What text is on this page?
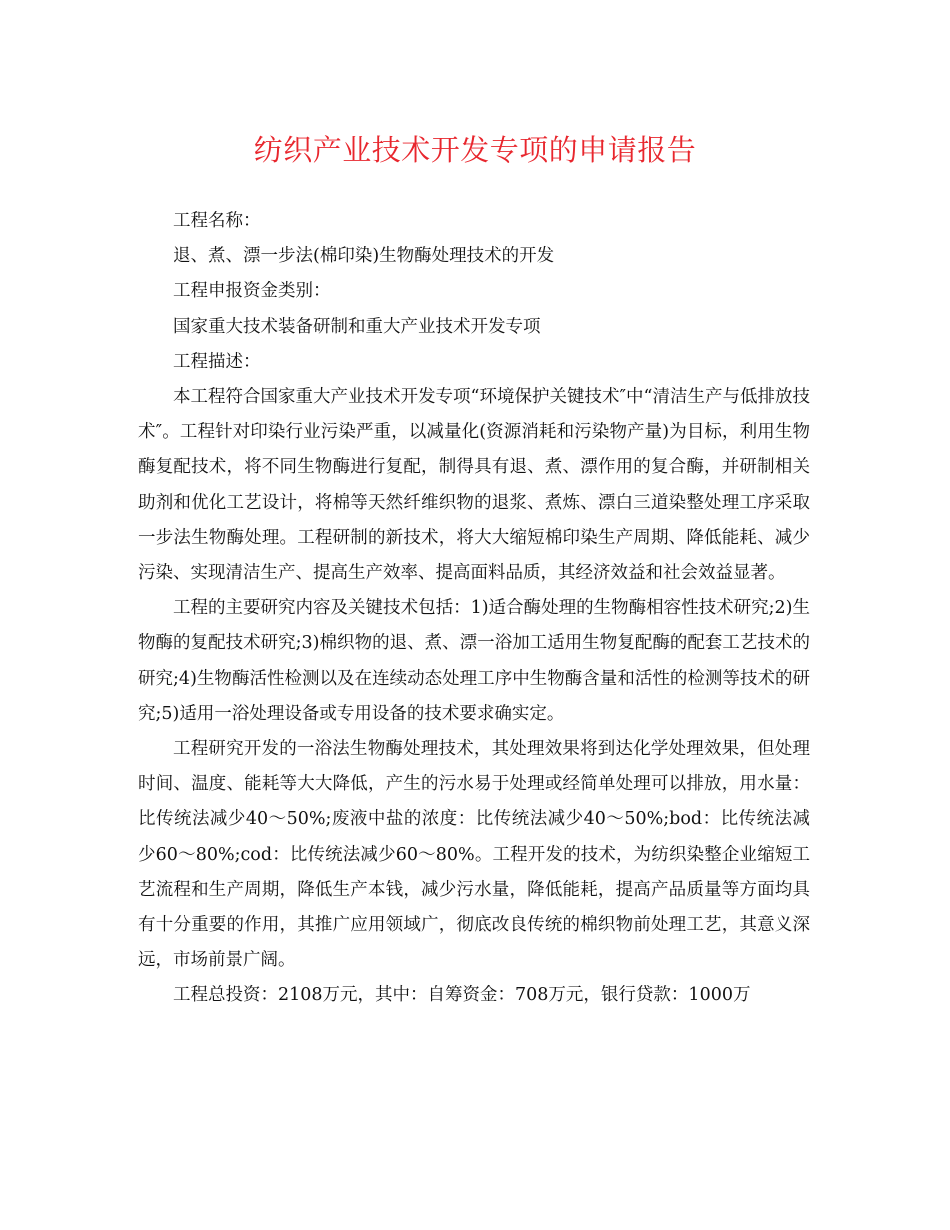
纺织产业技术开发专项的申请报告

工程名称：

退、煮、漂一步法(棉印染)生物酶处理技术的开发

工程申报资金类别：

国家重大技术装备研制和重大产业技术开发专项

工程描述：

本工程符合国家重大产业技术开发专项“环境保护关键技术″中“清洁生产与低排放技术″。工程针对印染行业污染严重，以减量化(资源消耗和污染物产量)为目标，利用生物酶复配技术，将不同生物酶进行复配，制得具有退、煮、漂作用的复合酶，并研制相关助剂和优化工艺设计，将棉等天然纤维织物的退浆、煮炼、漂白三道染整处理工序采取一步法生物酶处理。工程研制的新技术，将大大缩短棉印染生产周期、降低能耗、减少污染、实现清洁生产、提高生产效率、提高面料品质，其经济效益和社会效益显著。

工程的主要研究内容及关键技术包括：1)适合酶处理的生物酶相容性技术研究;2)生物酶的复配技术研究;3)棉织物的退、煮、漂一浴加工适用生物复配酶的配套工艺技术的研究;4)生物酶活性检测以及在连续动态处理工序中生物酶含量和活性的检测等技术的研究;5)适用一浴处理设备或专用设备的技术要求确实定。

工程研究开发的一浴法生物酶处理技术，其处理效果将到达化学处理效果，但处理时间、温度、能耗等大大降低，产生的污水易于处理或经简单处理可以排放，用水量：比传统法减少40～50%;废液中盐的浓度：比传统法减少40～50%;bod：比传统法减少60～80%;cod：比传统法减少60～80%。工程开发的技术，为纺织染整企业缩短工艺流程和生产周期，降低生产本钱，减少污水量，降低能耗，提高产品质量等方面均具有十分重要的作用，其推广应用领域广，彻底改良传统的棉织物前处理工艺，其意义深远，市场前景广阔。

工程总投资：2108万元，其中：自筹资金：708万元，银行贷款：1000万
